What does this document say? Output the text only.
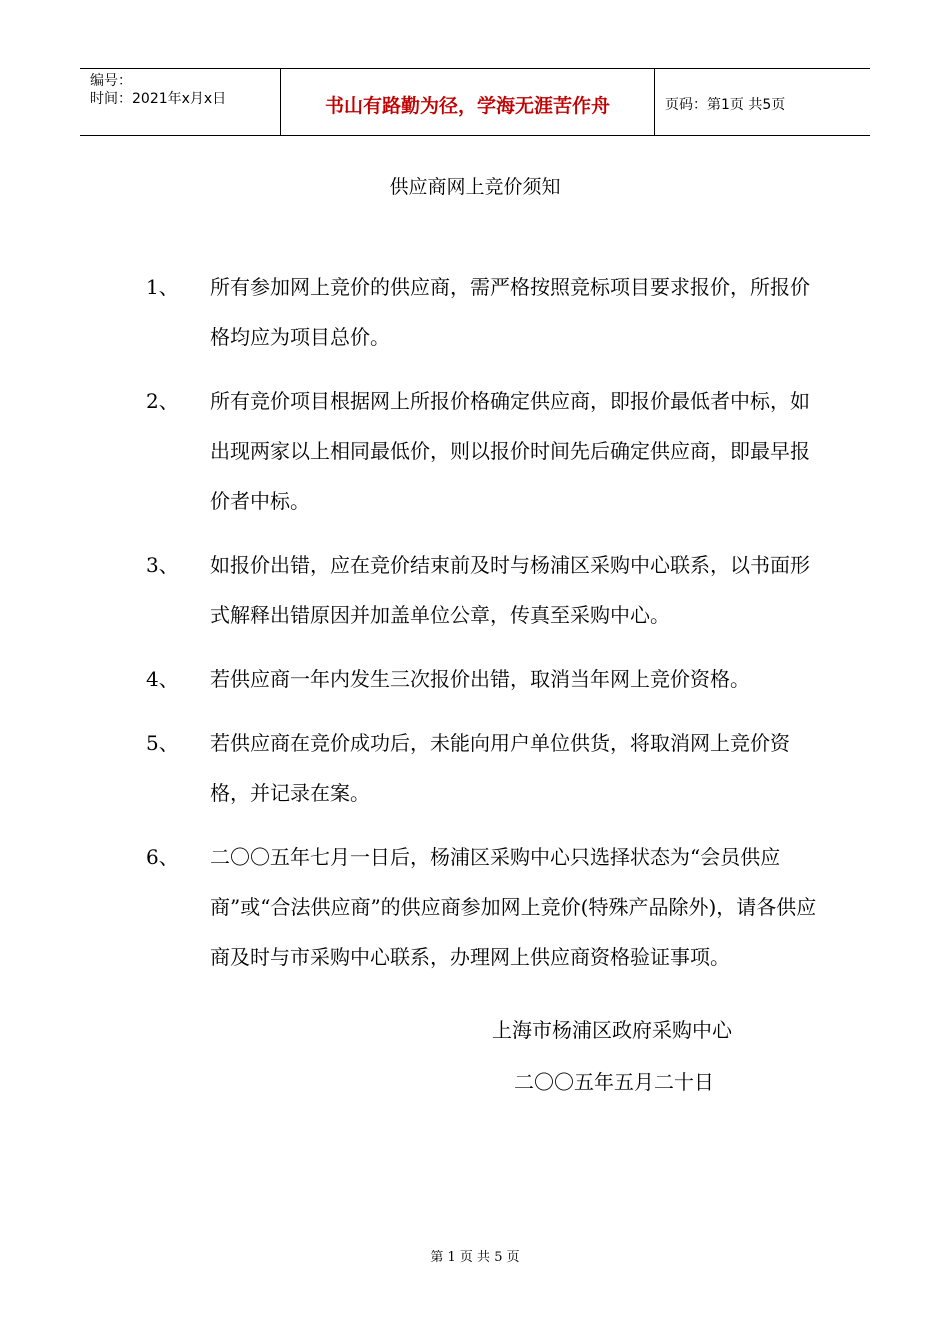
编号：
时间：2021年x月x日	书山有路勤为径，学海无涯苦作舟	页码：第1页 共5页
供应商网上竞价须知
1、	所有参加网上竞价的供应商，需严格按照竞标项目要求报价，所报价格均应为项目总价。
2、	所有竞价项目根据网上所报价格确定供应商，即报价最低者中标，如出现两家以上相同最低价，则以报价时间先后确定供应商，即最早报价者中标。
3、	如报价出错，应在竞价结束前及时与杨浦区采购中心联系，以书面形式解释出错原因并加盖单位公章，传真至采购中心。
4、	若供应商一年内发生三次报价出错，取消当年网上竞价资格。
5、	若供应商在竞价成功后，未能向用户单位供货，将取消网上竞价资格，并记录在案。
6、	二〇〇五年七月一日后，杨浦区采购中心只选择状态为“会员供应商”或“合法供应商”的供应商参加网上竞价(特殊产品除外)，请各供应商及时与市采购中心联系，办理网上供应商资格验证事项。
上海市杨浦区政府采购中心
二〇〇五年五月二十日
第 1 页 共 5 页
